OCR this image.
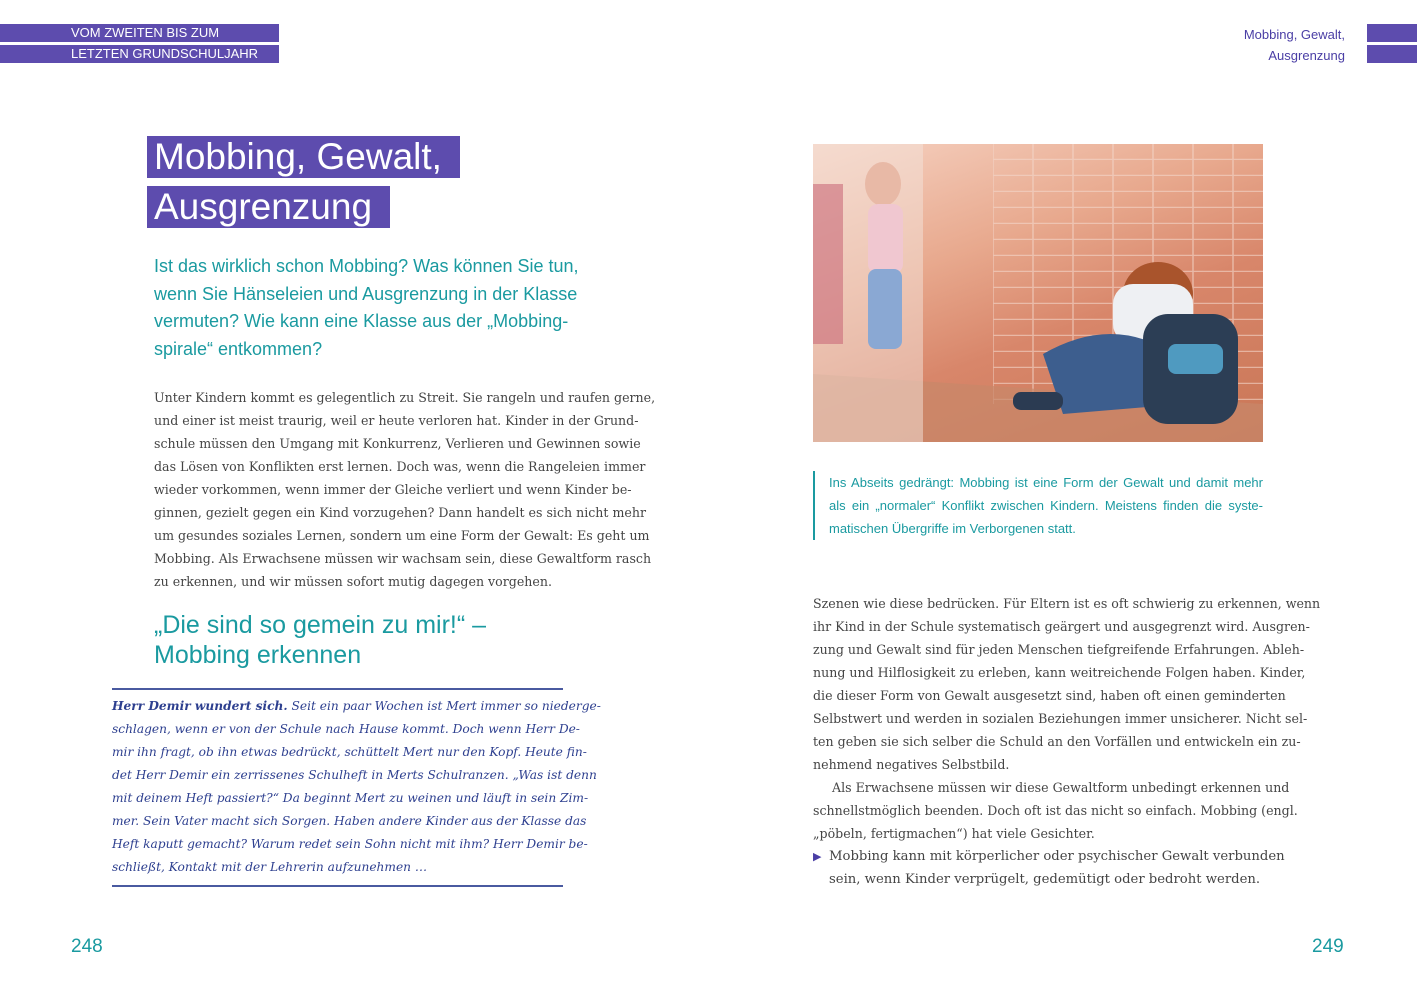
VOM ZWEITEN BIS ZUM
LETZTEN GRUNDSCHULJAHR
Mobbing, Gewalt,
Ausgrenzung
Mobbing, Gewalt,
Ausgrenzung
Ist das wirklich schon Mobbing? Was können Sie tun, wenn Sie Hänseleien und Ausgrenzung in der Klasse vermuten? Wie kann eine Klasse aus der „Mobbing-spirale“ entkommen?
Unter Kindern kommt es gelegentlich zu Streit. Sie rangeln und raufen gerne,
und einer ist meist traurig, weil er heute verloren hat. Kinder in der Grund-
schule müssen den Umgang mit Konkurrenz, Verlieren und Gewinnen sowie
das Lösen von Konflikten erst lernen. Doch was, wenn die Rangeleien immer
wieder vorkommen, wenn immer der Gleiche verliert und wenn Kinder be-
ginnen, gezielt gegen ein Kind vorzugehen? Dann handelt es sich nicht mehr
um gesundes soziales Lernen, sondern um eine Form der Gewalt: Es geht um
Mobbing. Als Erwachsene müssen wir wachsam sein, diese Gewaltform rasch
zu erkennen, und wir müssen sofort mutig dagegen vorgehen.
„Die sind so gemein zu mir!“ –
Mobbing erkennen
Herr Demir wundert sich. Seit ein paar Wochen ist Mert immer so niederge-
schlagen, wenn er von der Schule nach Hause kommt. Doch wenn Herr De-
mir ihn fragt, ob ihn etwas bedrückt, schüttelt Mert nur den Kopf. Heute fin-
det Herr Demir ein zerrissenes Schulheft in Merts Schulranzen. „Was ist denn
mit deinem Heft passiert?“ Da beginnt Mert zu weinen und läuft in sein Zim-
mer. Sein Vater macht sich Sorgen. Haben andere Kinder aus der Klasse das
Heft kaputt gemacht? Warum redet sein Sohn nicht mit ihm? Herr Demir be-
schließt, Kontakt mit der Lehrerin aufzunehmen …
248
Ins Abseits gedrängt: Mobbing ist eine Form der Gewalt und damit mehr
als ein „normaler“ Konflikt zwischen Kindern. Meistens finden die syste-
matischen Übergriffe im Verborgenen statt.
Szenen wie diese bedrücken. Für Eltern ist es oft schwierig zu erkennen, wenn
ihr Kind in der Schule systematisch geärgert und ausgegrenzt wird. Ausgren-
zung und Gewalt sind für jeden Menschen tiefgreifende Erfahrungen. Ableh-
nung und Hilflosigkeit zu erleben, kann weitreichende Folgen haben. Kinder,
die dieser Form von Gewalt ausgesetzt sind, haben oft einen geminderten
Selbstwert und werden in sozialen Beziehungen immer unsicherer. Nicht sel-
ten geben sie sich selber die Schuld an den Vorfällen und entwickeln ein zu-
nehmend negatives Selbstbild.
Als Erwachsene müssen wir diese Gewaltform unbedingt erkennen und
schnellstmöglich beenden. Doch oft ist das nicht so einfach. Mobbing (engl.
„pöbeln, fertigmachen“) hat viele Gesichter.
▶ Mobbing kann mit körperlicher oder psychischer Gewalt verbunden
sein, wenn Kinder verprügelt, gedemütigt oder bedroht werden.
249
